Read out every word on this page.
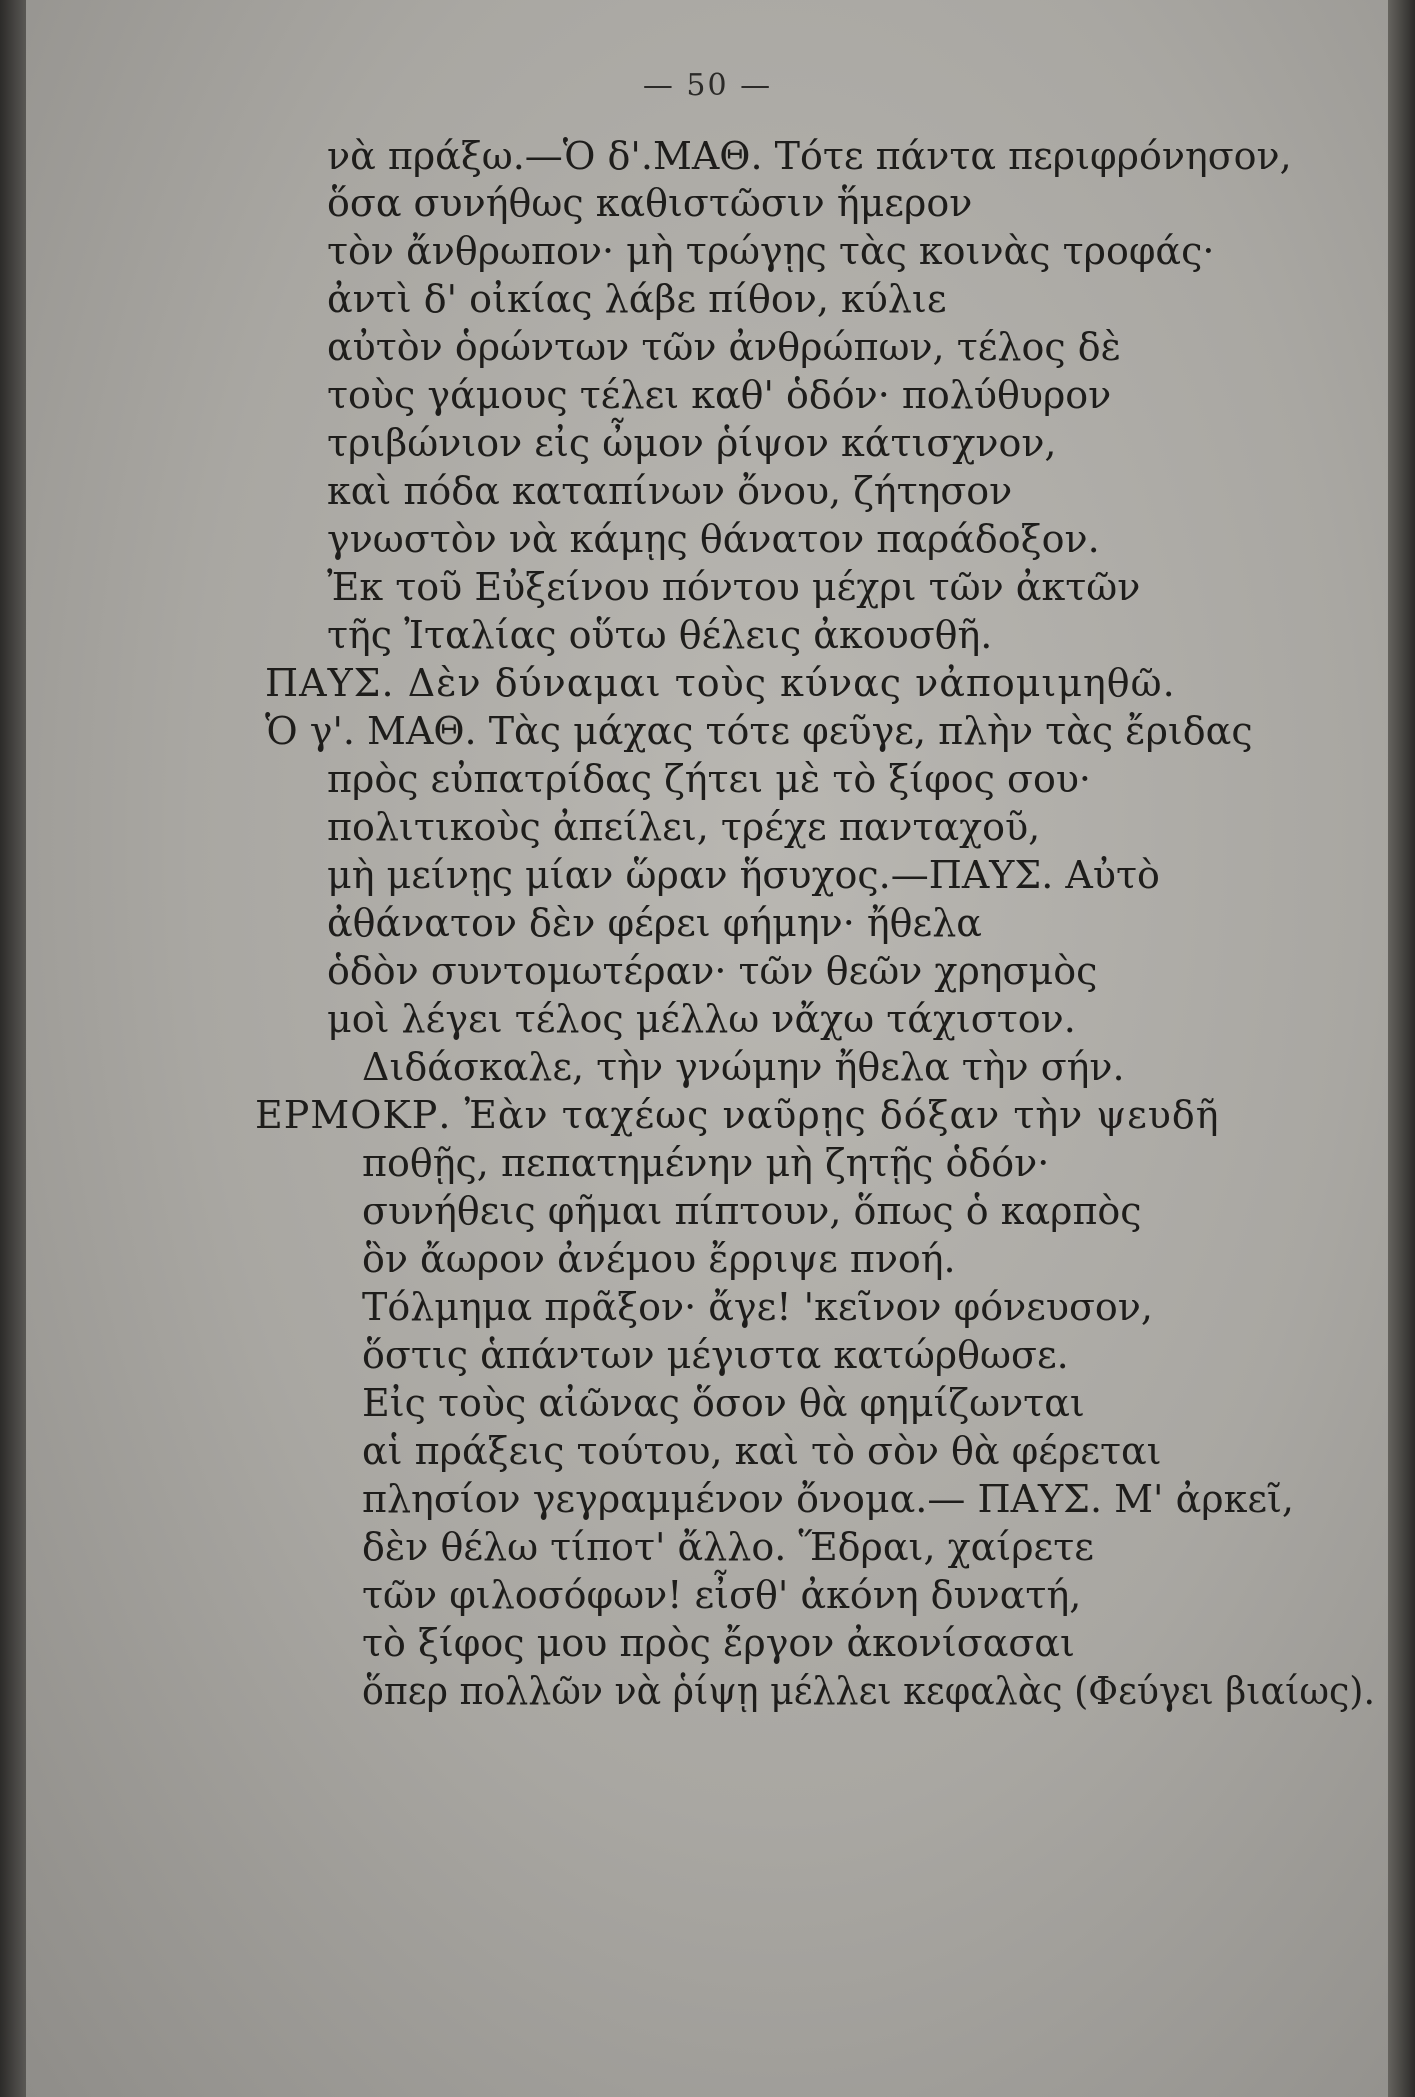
— 50 —
νὰ πράξω.—Ὁ δ'.ΜΑΘ. Τότε πάντα περιφρόνησον,
ὅσα συνήθως καθιστῶσιν ἥμερον
τὸν ἄνθρωπον· μὴ τρώγῃς τὰς κοινὰς τροφάς·
ἀντὶ δ' οἰκίας λάβε πίθον, κύλιε
αὐτὸν ὁρώντων τῶν ἀνθρώπων, τέλος δὲ
τοὺς γάμους τέλει καθ' ὁδόν· πολύθυρον
τριβώνιον εἰς ὦμον ῥίψον κάτισχνον,
καὶ πόδα καταπίνων ὄνου, ζήτησον
γνωστὸν νὰ κάμῃς θάνατον παράδοξον.
Ἐκ τοῦ Εὐξείνου πόντου μέχρι τῶν ἀκτῶν
τῆς Ἰταλίας οὕτω θέλεις ἀκουσθῆ.
ΠΑΥΣ. Δὲν δύναμαι τοὺς κύνας νἀπομιμηθῶ.
Ὁ γ'. ΜΑΘ. Τὰς μάχας τότε φεῦγε, πλὴν τὰς ἔριδας
πρὸς εὐπατρίδας ζήτει μὲ τὸ ξίφος σου·
πολιτικοὺς ἀπείλει, τρέχε πανταχοῦ,
μὴ μείνῃς μίαν ὥραν ἥσυχος.—ΠΑΥΣ. Αὐτὸ
ἀθάνατον δὲν φέρει φήμην· ἤθελα
ὁδὸν συντομωτέραν· τῶν θεῶν χρησμὸς
μοὶ λέγει τέλος μέλλω νἄχω τάχιστον.
Διδάσκαλε, τὴν γνώμην ἤθελα τὴν σήν.
ΕΡΜΟΚΡ. Ἐὰν ταχέως ναῦρῃς δόξαν τὴν ψευδῆ
ποθῇς, πεπατημένην μὴ ζητῇς ὁδόν·
συνήθεις φῆμαι πίπτουν, ὅπως ὁ καρπὸς
ὃν ἄωρον ἀνέμου ἔρριψε πνοή.
Τόλμημα πρᾶξον· ἄγε! 'κεῖνον φόνευσον,
ὅστις ἁπάντων μέγιστα κατώρθωσε.
Εἰς τοὺς αἰῶνας ὅσον θὰ φημίζωνται
αἱ πράξεις τούτου, καὶ τὸ σὸν θὰ φέρεται
πλησίον γεγραμμένον ὄνομα.— ΠΑΥΣ. Μ' ἀρκεῖ,
δὲν θέλω τίποτ' ἄλλο. Ἕδραι, χαίρετε
τῶν φιλοσόφων! εἶσθ' ἀκόνη δυνατή,
τὸ ξίφος μου πρὸς ἔργον ἀκονίσασαι
ὅπερ πολλῶν νὰ ῥίψῃ μέλλει κεφαλὰς (Φεύγει βιαίως).
